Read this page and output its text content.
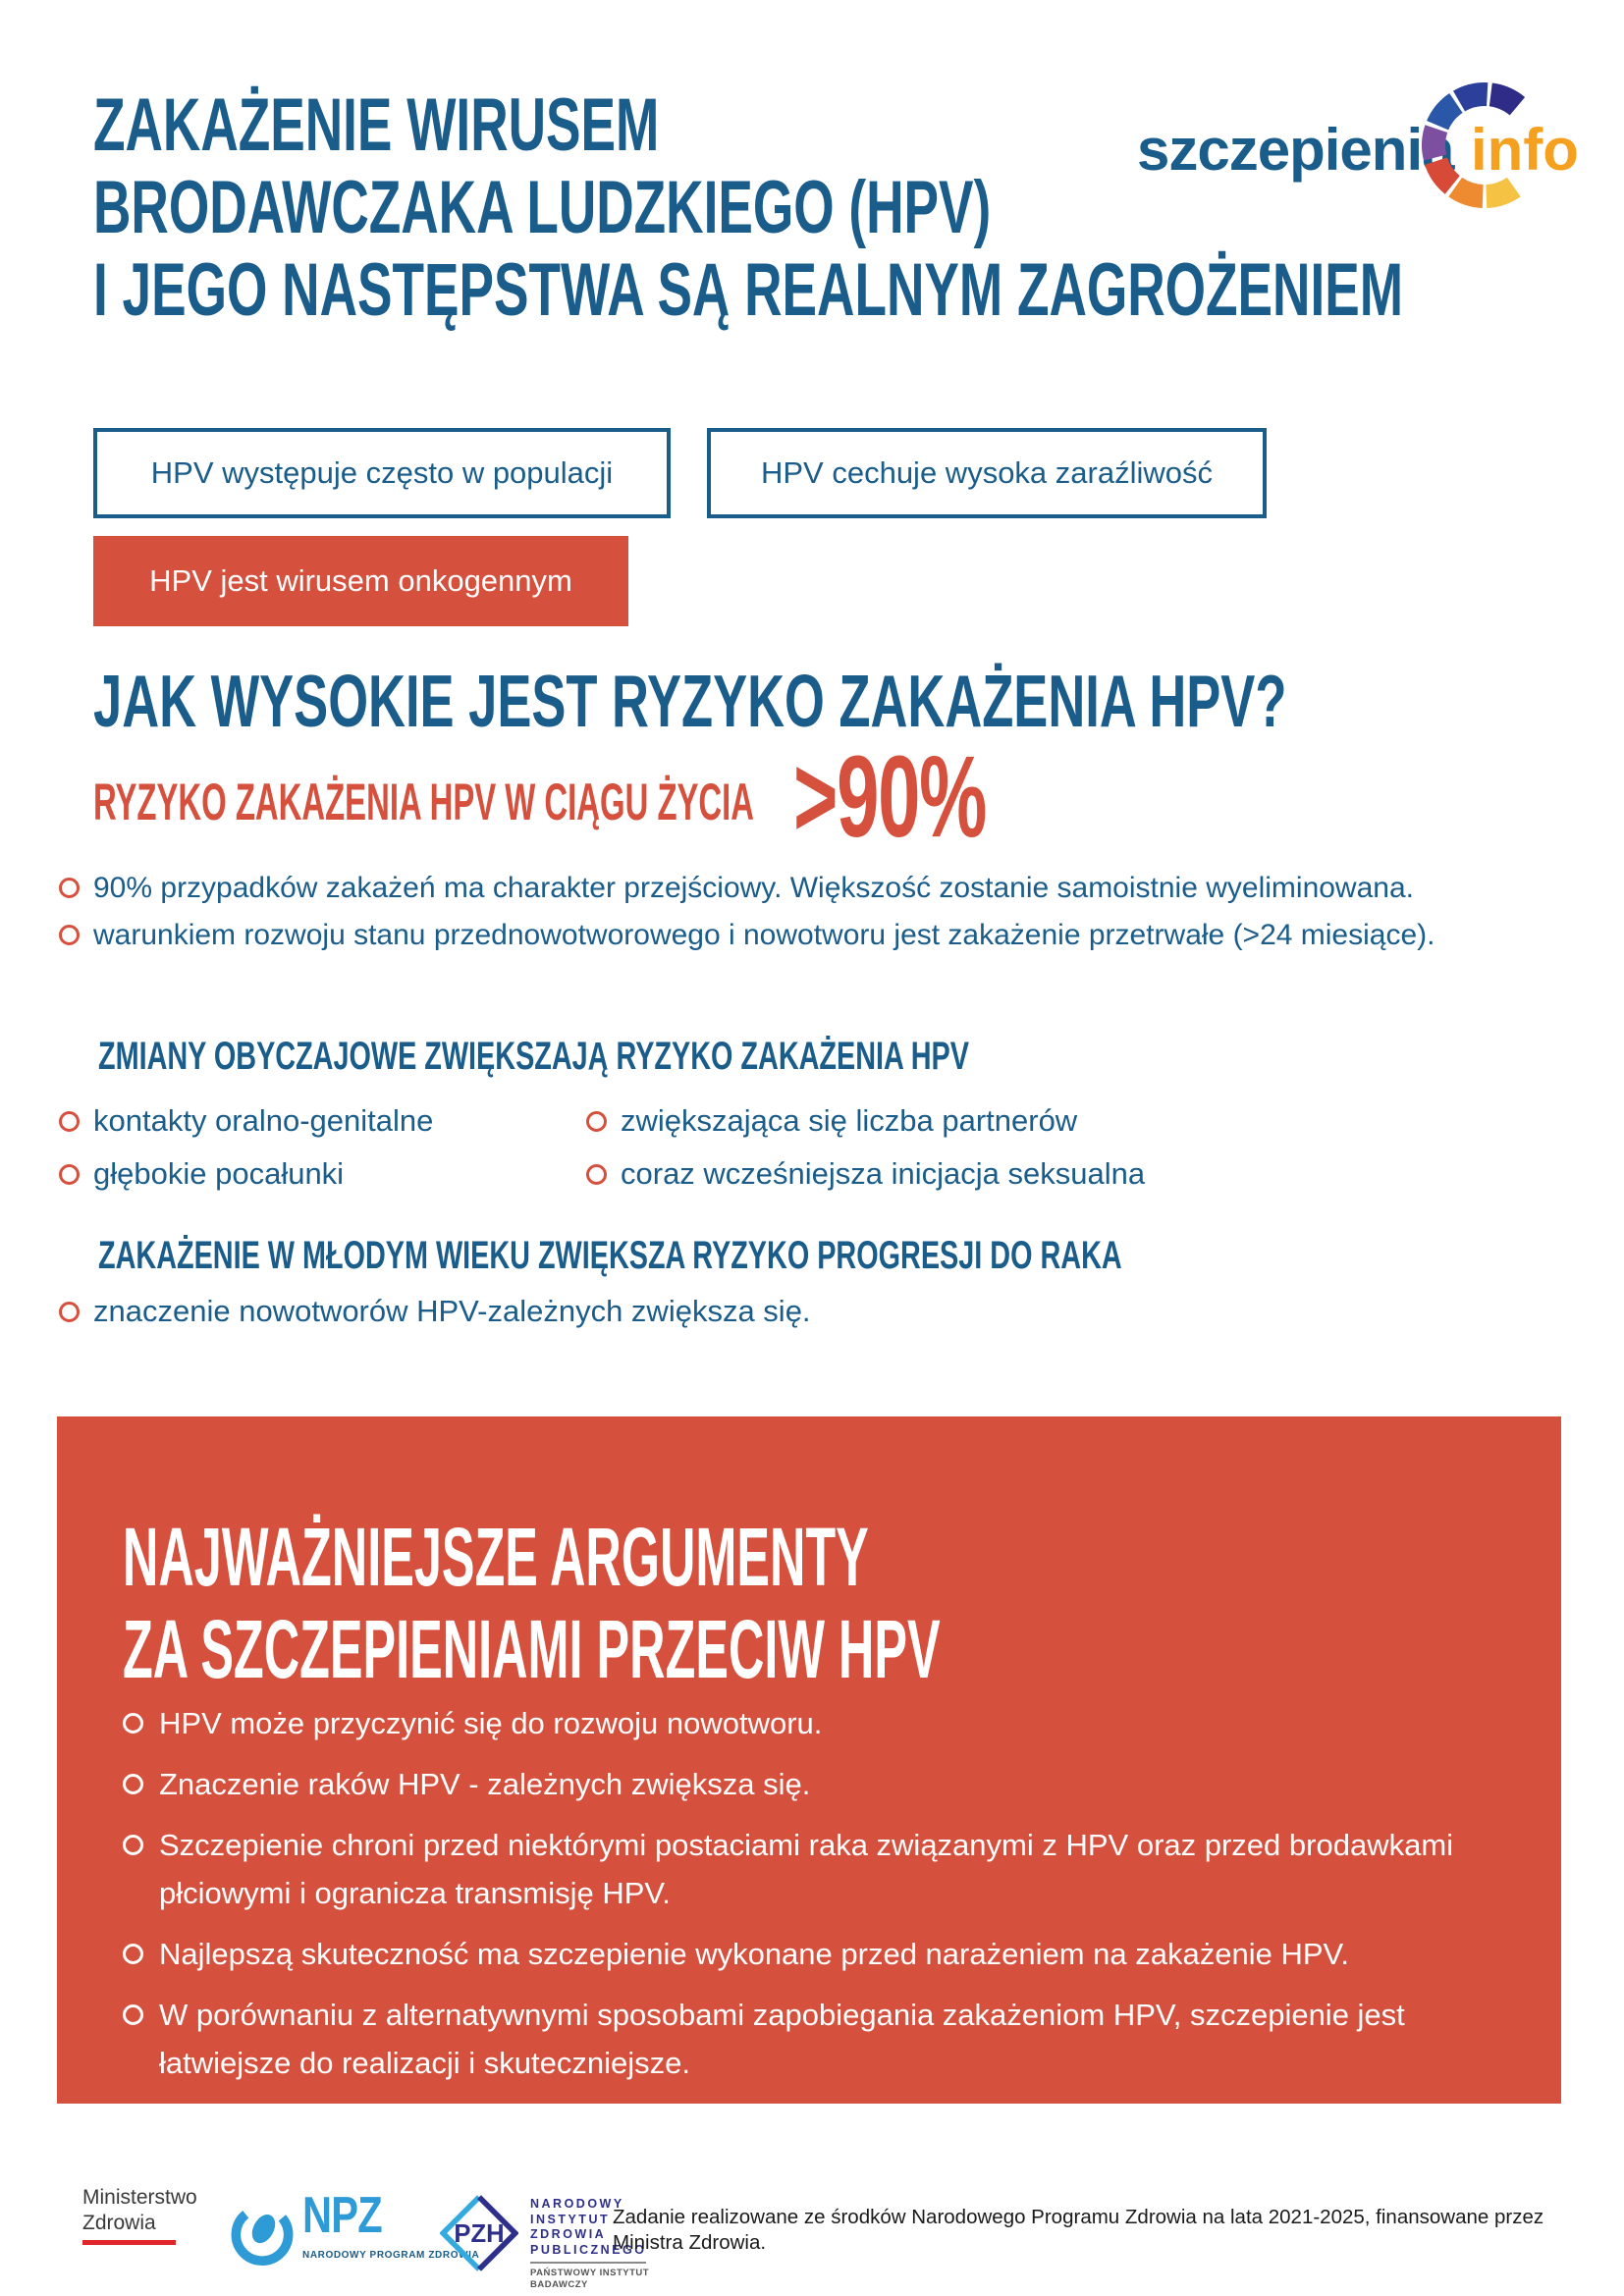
ZAKAŻENIE WIRUSEM
BRODAWCZAKA LUDZKIEGO (HPV)
I JEGO NASTĘPSTWA SĄ REALNYM ZAGROŻENIEM
szczepienia info
HPV występuje często w populacji	HPV cechuje wysoka zaraźliwość
HPV jest wirusem onkogennym
JAK WYSOKIE JEST RYZYKO ZAKAŻENIA HPV?
RYZYKO ZAKAŻENIA HPV W CIĄGU ŻYCIA >90%
90% przypadków zakażeń ma charakter przejściowy. Większość zostanie samoistnie wyeliminowana.
warunkiem rozwoju stanu przednowotworowego i nowotworu jest zakażenie przetrwałe (>24 miesiące).
ZMIANY OBYCZAJOWE ZWIĘKSZAJĄ RYZYKO ZAKAŻENIA HPV
kontakty oralno-genitalne
głębokie pocałunki
zwiększająca się liczba partnerów
coraz wcześniejsza inicjacja seksualna
ZAKAŻENIE W MŁODYM WIEKU ZWIĘKSZA RYZYKO PROGRESJI DO RAKA
znaczenie nowotworów HPV-zależnych zwiększa się.
NAJWAŻNIEJSZE ARGUMENTY
ZA SZCZEPIENIAMI PRZECIW HPV
HPV może przyczynić się do rozwoju nowotworu.
Znaczenie raków HPV - zależnych zwiększa się.
Szczepienie chroni przed niektórymi postaciami raka związanymi z HPV oraz przed brodawkami płciowymi i ogranicza transmisję HPV.
Najlepszą skuteczność ma szczepienie wykonane przed narażeniem na zakażenie HPV.
W porównaniu z alternatywnymi sposobami zapobiegania zakażeniom HPV, szczepienie jest łatwiejsze do realizacji i skuteczniejsze.
Ministerstwo
Zdrowia	NPZ
NARODOWY PROGRAM ZDROWIA
PZH
NARODOWY
INSTYTUT
ZDROWIA
PUBLICZNEGO
PAŃSTWOWY INSTYTUT
BADAWCZY
Zadanie realizowane ze środków Narodowego Programu Zdrowia na lata 2021-2025, finansowane przez Ministra Zdrowia.
